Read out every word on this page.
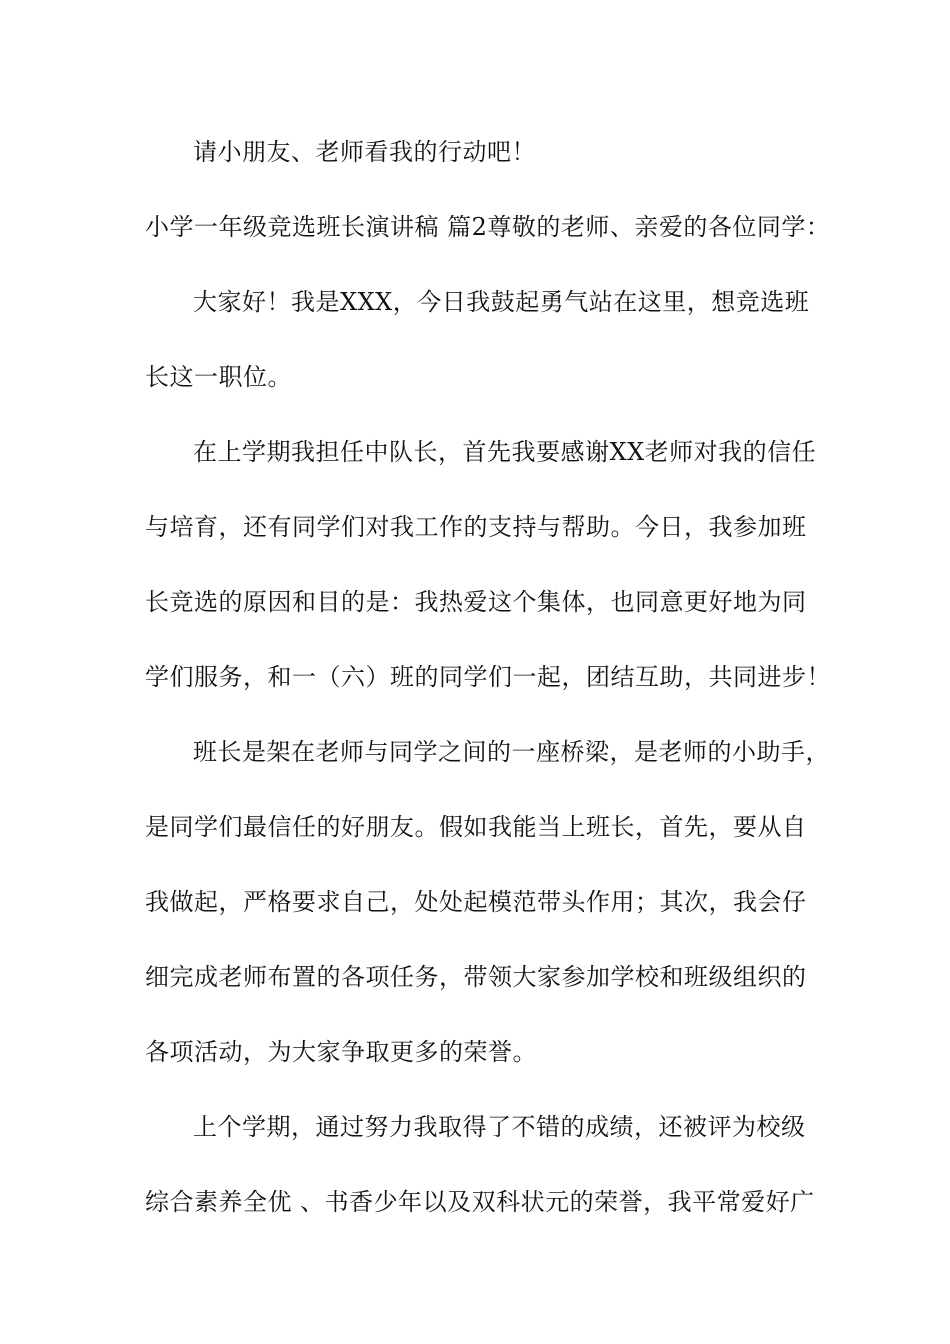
请小朋友、老师看我的行动吧！
小学一年级竞选班长演讲稿 篇2尊敬的老师、亲爱的各位同学：
大家好！我是XXX，今日我鼓起勇气站在这里，想竞选班
长这一职位。
在上学期我担任中队长，首先我要感谢XX老师对我的信任
与培育，还有同学们对我工作的支持与帮助。今日，我参加班
长竞选的原因和目的是：我热爱这个集体，也同意更好地为同
学们服务，和一（六）班的同学们一起，团结互助，共同进步！
班长是架在老师与同学之间的一座桥梁，是老师的小助手，
是同学们最信任的好朋友。假如我能当上班长，首先，要从自
我做起，严格要求自己，处处起模范带头作用；其次，我会仔
细完成老师布置的各项任务，带领大家参加学校和班级组织的
各项活动，为大家争取更多的荣誉。
上个学期，通过努力我取得了不错的成绩，还被评为校级
综合素养全优 、书香少年以及双科状元的荣誉，我平常爱好广
